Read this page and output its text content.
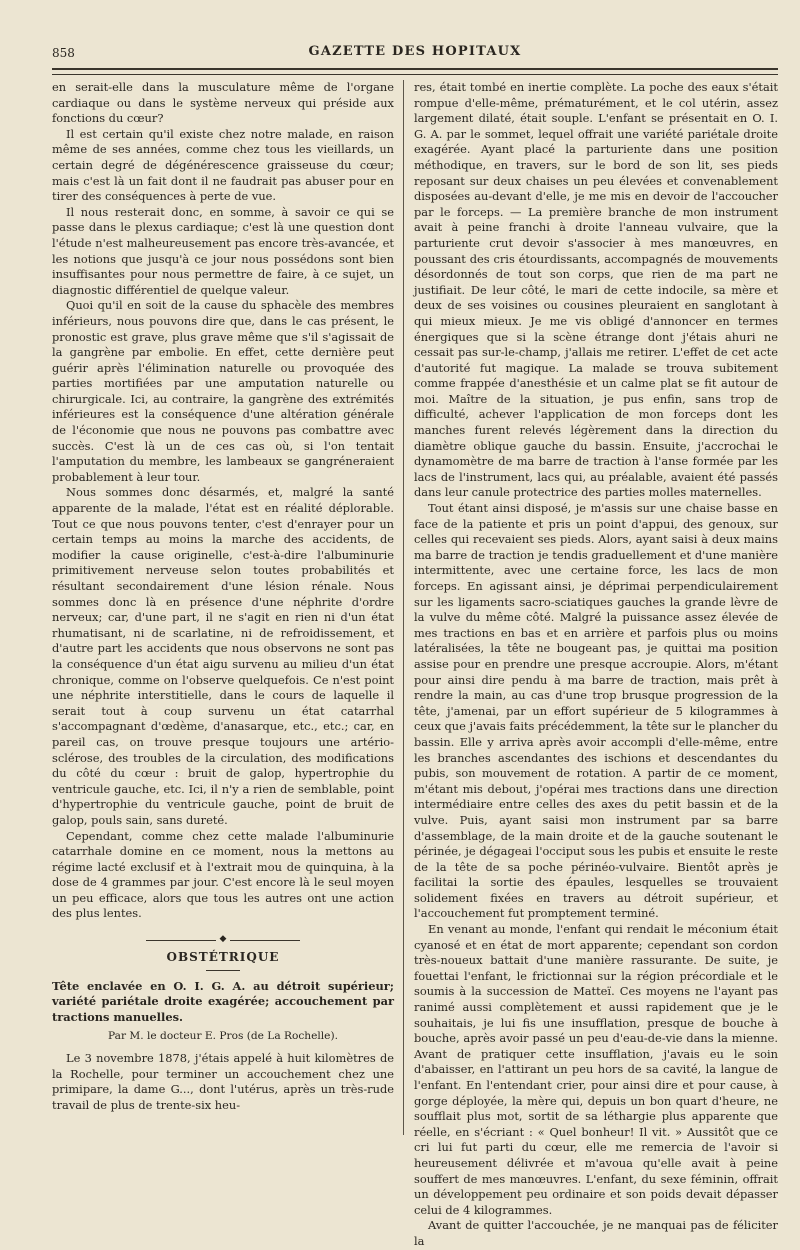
858	GAZETTE DES HOPITAUX

en serait-elle dans la musculature même de l'organe cardiaque ou dans le système nerveux qui préside aux fonctions du cœur?

Il est certain qu'il existe chez notre malade, en raison même de ses années, comme chez tous les vieillards, un certain degré de dégénérescence graisseuse du cœur; mais c'est là un fait dont il ne faudrait pas abuser pour en tirer des conséquences à perte de vue.

Il nous resterait donc, en somme, à savoir ce qui se passe dans le plexus cardiaque; c'est là une question dont l'étude n'est malheureusement pas encore très-avancée, et les notions que jusqu'à ce jour nous possédons sont bien insuffisantes pour nous permettre de faire, à ce sujet, un diagnostic différentiel de quelque valeur.

Quoi qu'il en soit de la cause du sphacèle des membres inférieurs, nous pouvons dire que, dans le cas présent, le pronostic est grave, plus grave même que s'il s'agissait de la gangrène par embolie. En effet, cette dernière peut guérir après l'élimination naturelle ou provoquée des parties mortifiées par une amputation naturelle ou chirurgicale. Ici, au contraire, la gangrène des extrémités inférieures est la conséquence d'une altération générale de l'économie que nous ne pouvons pas combattre avec succès. C'est là un de ces cas où, si l'on tentait l'amputation du membre, les lambeaux se gangréneraient probablement à leur tour.

Nous sommes donc désarmés, et, malgré la santé apparente de la malade, l'état est en réalité déplorable. Tout ce que nous pouvons tenter, c'est d'enrayer pour un certain temps au moins la marche des accidents, de modifier la cause originelle, c'est-à-dire l'albuminurie primitivement nerveuse selon toutes probabilités et résultant secondairement d'une lésion rénale. Nous sommes donc là en présence d'une néphrite d'ordre nerveux; car, d'une part, il ne s'agit en rien ni d'un état rhumatisant, ni de scarlatine, ni de refroidissement, et d'autre part les accidents que nous observons ne sont pas la conséquence d'un état aigu survenu au milieu d'un état chronique, comme on l'observe quelquefois. Ce n'est point une néphrite interstitielle, dans le cours de laquelle il serait tout à coup survenu un état catarrhal s'accompagnant d'œdème, d'anasarque, etc., etc.; car, en pareil cas, on trouve presque toujours une artério-sclérose, des troubles de la circulation, des modifications du côté du cœur : bruit de galop, hypertrophie du ventricule gauche, etc. Ici, il n'y a rien de semblable, point d'hypertrophie du ventricule gauche, point de bruit de galop, pouls sain, sans dureté.

Cependant, comme chez cette malade l'albuminurie catarrhale domine en ce moment, nous la mettons au régime lacté exclusif et à l'extrait mou de quinquina, à la dose de 4 grammes par jour. C'est encore là le seul moyen un peu efficace, alors que tous les autres ont une action des plus lentes.

◆
OBSTÉTRIQUE

Tête enclavée en O. I. G. A. au détroit supérieur; variété pariétale droite exagérée; accouchement par tractions manuelles.

Par M. le docteur E. Pros (de La Rochelle).

Le 3 novembre 1878, j'étais appelé à huit kilomètres de la Rochelle, pour terminer un accouchement chez une primipare, la dame G..., dont l'utérus, après un très-rude travail de plus de trente-six heu-

res, était tombé en inertie complète. La poche des eaux s'était rompue d'elle-même, prématurément, et le col utérin, assez largement dilaté, était souple. L'enfant se présentait en O. I. G. A. par le sommet, lequel offrait une variété pariétale droite exagérée. Ayant placé la parturiente dans une position méthodique, en travers, sur le bord de son lit, ses pieds reposant sur deux chaises un peu élevées et convenablement disposées au-devant d'elle, je me mis en devoir de l'accoucher par le forceps. — La première branche de mon instrument avait à peine franchi à droite l'anneau vulvaire, que la parturiente crut devoir s'associer à mes manœuvres, en poussant des cris étourdissants, accompagnés de mouvements désordonnés de tout son corps, que rien de ma part ne justifiait. De leur côté, le mari de cette indocile, sa mère et deux de ses voisines ou cousines pleuraient en sanglotant à qui mieux mieux. Je me vis obligé d'annoncer en termes énergiques que si la scène étrange dont j'étais ahuri ne cessait pas sur-le-champ, j'allais me retirer. L'effet de cet acte d'autorité fut magique. La malade se trouva subitement comme frappée d'anesthésie et un calme plat se fit autour de moi. Maître de la situation, je pus enfin, sans trop de difficulté, achever l'application de mon forceps dont les manches furent relevés légèrement dans la direction du diamètre oblique gauche du bassin. Ensuite, j'accrochai le dynamomètre de ma barre de traction à l'anse formée par les lacs de l'instrument, lacs qui, au préalable, avaient été passés dans leur canule protectrice des parties molles maternelles.

Tout étant ainsi disposé, je m'assis sur une chaise basse en face de la patiente et pris un point d'appui, des genoux, sur celles qui recevaient ses pieds. Alors, ayant saisi à deux mains ma barre de traction je tendis graduellement et d'une manière intermittente, avec une certaine force, les lacs de mon forceps. En agissant ainsi, je déprimai perpendiculairement sur les ligaments sacro-sciatiques gauches la grande lèvre de la vulve du même côté. Malgré la puissance assez élevée de mes tractions en bas et en arrière et parfois plus ou moins latéralisées, la tête ne bougeant pas, je quittai ma position assise pour en prendre une presque accroupie. Alors, m'étant pour ainsi dire pendu à ma barre de traction, mais prêt à rendre la main, au cas d'une trop brusque progression de la tête, j'amenai, par un effort supérieur de 5 kilogrammes à ceux que j'avais faits précédemment, la tête sur le plancher du bassin. Elle y arriva après avoir accompli d'elle-même, entre les branches ascendantes des ischions et descendantes du pubis, son mouvement de rotation. A partir de ce moment, m'étant mis debout, j'opérai mes tractions dans une direction intermédiaire entre celles des axes du petit bassin et de la vulve. Puis, ayant saisi mon instrument par sa barre d'assemblage, de la main droite et de la gauche soutenant le périnée, je dégageai l'occiput sous les pubis et ensuite le reste de la tête de sa poche périnéo-vulvaire. Bientôt après je facilitai la sortie des épaules, lesquelles se trouvaient solidement fixées en travers au détroit supérieur, et l'accouchement fut promptement terminé.

En venant au monde, l'enfant qui rendait le méconium était cyanosé et en état de mort apparente; cependant son cordon très-noueux battait d'une manière rassurante. De suite, je fouettai l'enfant, le frictionnai sur la région précordiale et le soumis à la succession de Matteï. Ces moyens ne l'ayant pas ranimé aussi complètement et aussi rapidement que je le souhaitais, je lui fis une insufflation, presque de bouche à bouche, après avoir passé un peu d'eau-de-vie dans la mienne. Avant de pratiquer cette insufflation, j'avais eu le soin d'abaisser, en l'attirant un peu hors de sa cavité, la langue de l'enfant. En l'entendant crier, pour ainsi dire et pour cause, à gorge déployée, la mère qui, depuis un bon quart d'heure, ne soufflait plus mot, sortit de sa léthargie plus apparente que réelle, en s'écriant : « Quel bonheur! Il vit. » Aussitôt que ce cri lui fut parti du cœur, elle me remercia de l'avoir si heureusement délivrée et m'avoua qu'elle avait à peine souffert de mes manœuvres. L'enfant, du sexe féminin, offrait un développement peu ordinaire et son poids devait dépasser celui de 4 kilogrammes.

Avant de quitter l'accouchée, je ne manquai pas de féliciter la
